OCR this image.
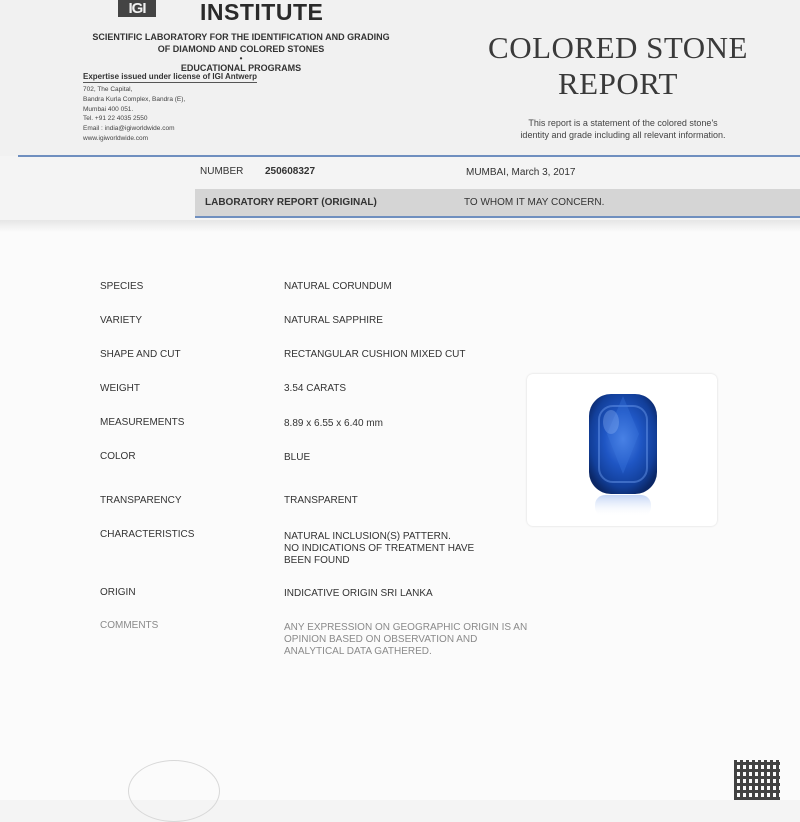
IGI	INSTITUTE
SCIENTIFIC LABORATORY FOR THE IDENTIFICATION AND GRADING
OF DIAMOND AND COLORED STONES
•
EDUCATIONAL PROGRAMS
Expertise issued under license of IGI Antwerp
702, The Capital,
Bandra Kurla Complex, Bandra (E),
Mumbai 400 051.
Tel. +91 22 4035 2550
Email : india@igiworldwide.com
www.igiworldwide.com
COLORED STONE
REPORT
This report is a statement of the colored stone's
identity and grade including all relevant information.
NUMBER 250608327	MUMBAI, March 3, 2017
LABORATORY REPORT (ORIGINAL)	TO WHOM IT MAY CONCERN.
SPECIES	NATURAL CORUNDUM
VARIETY	NATURAL SAPPHIRE
SHAPE AND CUT	RECTANGULAR CUSHION MIXED CUT
WEIGHT	3.54 CARATS
MEASUREMENTS	8.89 x 6.55 x 6.40 mm
COLOR	BLUE
TRANSPARENCY	TRANSPARENT
CHARACTERISTICS	NATURAL INCLUSION(S) PATTERN.
NO INDICATIONS OF TREATMENT HAVE
BEEN FOUND
ORIGIN	INDICATIVE ORIGIN SRI LANKA
COMMENTS	ANY EXPRESSION ON GEOGRAPHIC ORIGIN IS AN
OPINION BASED ON OBSERVATION AND
ANALYTICAL DATA GATHERED.
